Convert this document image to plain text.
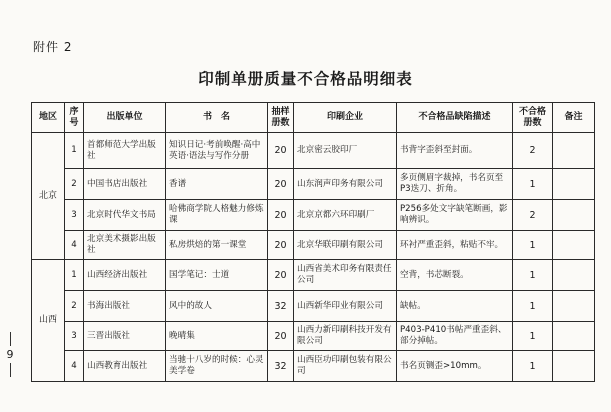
附件 2
印制单册质量不合格品明细表
9
地区	序号	出版单位	书　名	抽样册数	印刷企业	不合格品缺陷描述	不合格册数	备注
北京	1	首都师范大学出版社	知识日记·考前唤醒·高中英语·语法与写作分册	20	北京密云胶印厂	书背字歪斜至封面。	2	
	2	中国书店出版社	香谱	20	山东润声印务有限公司	多页侧眉字裁掉，书名页至P3迭刀、折角。	1	
	3	北京时代华文书局	哈佛商学院人格魅力修炼课	20	北京京都六环印刷厂	P256多处文字缺笔断画，影响辨识。	2	
	4	北京美术摄影出版社	私房烘焙的第一课堂	20	北京华联印刷有限公司	环衬严重歪斜，粘贴不牢。	1	
山西	1	山西经济出版社	国学笔记：士道	20	山西省美术印务有限责任公司	空背，书芯断裂。	1	
	2	书海出版社	风中的故人	32	山西新华印业有限公司	缺帖。	1	
	3	三晋出版社	晚晴集	20	山西力新印刷科技开发有限公司	P403-P410书帖严重歪斜、部分掉帖。	1	
	4	山西教育出版社	当驰十八岁的时候：心灵美学卷	32	山西臣功印刷包装有限公司	书名页铡歪>10mm。	1	
